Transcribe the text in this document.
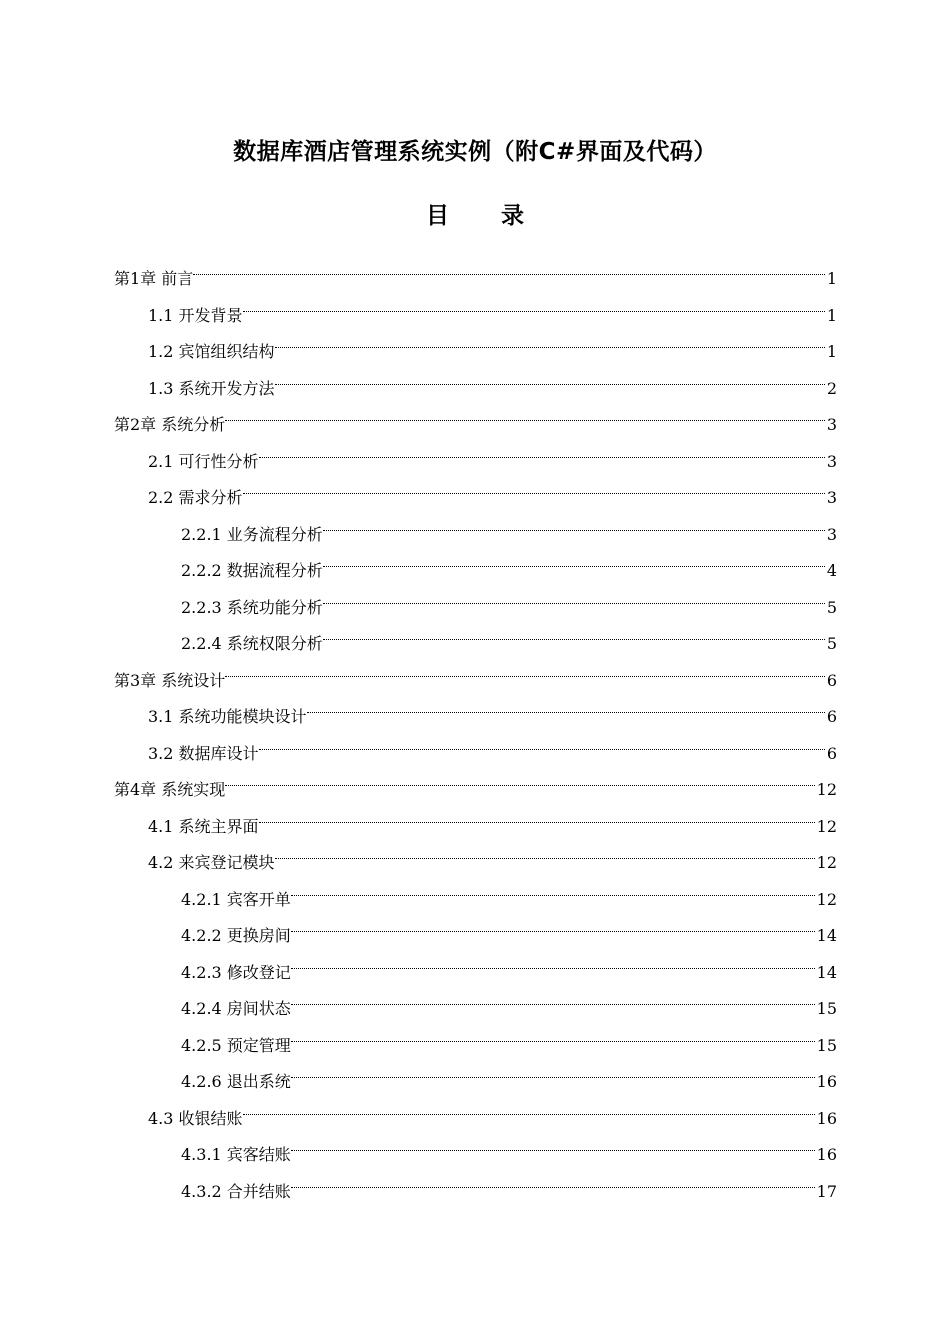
数据库酒店管理系统实例（附C#界面及代码）
目 录
第1章 前言	1
1.1 开发背景	1
1.2 宾馆组织结构	1
1.3 系统开发方法	2
第2章 系统分析	3
2.1 可行性分析	3
2.2 需求分析	3
2.2.1 业务流程分析	3
2.2.2 数据流程分析	4
2.2.3 系统功能分析	5
2.2.4 系统权限分析	5
第3章 系统设计	6
3.1 系统功能模块设计	6
3.2 数据库设计	6
第4章 系统实现	12
4.1 系统主界面	12
4.2 来宾登记模块	12
4.2.1 宾客开单	12
4.2.2 更换房间	14
4.2.3 修改登记	14
4.2.4 房间状态	15
4.2.5 预定管理	15
4.2.6 退出系统	16
4.3 收银结账	16
4.3.1 宾客结账	16
4.3.2 合并结账	17
